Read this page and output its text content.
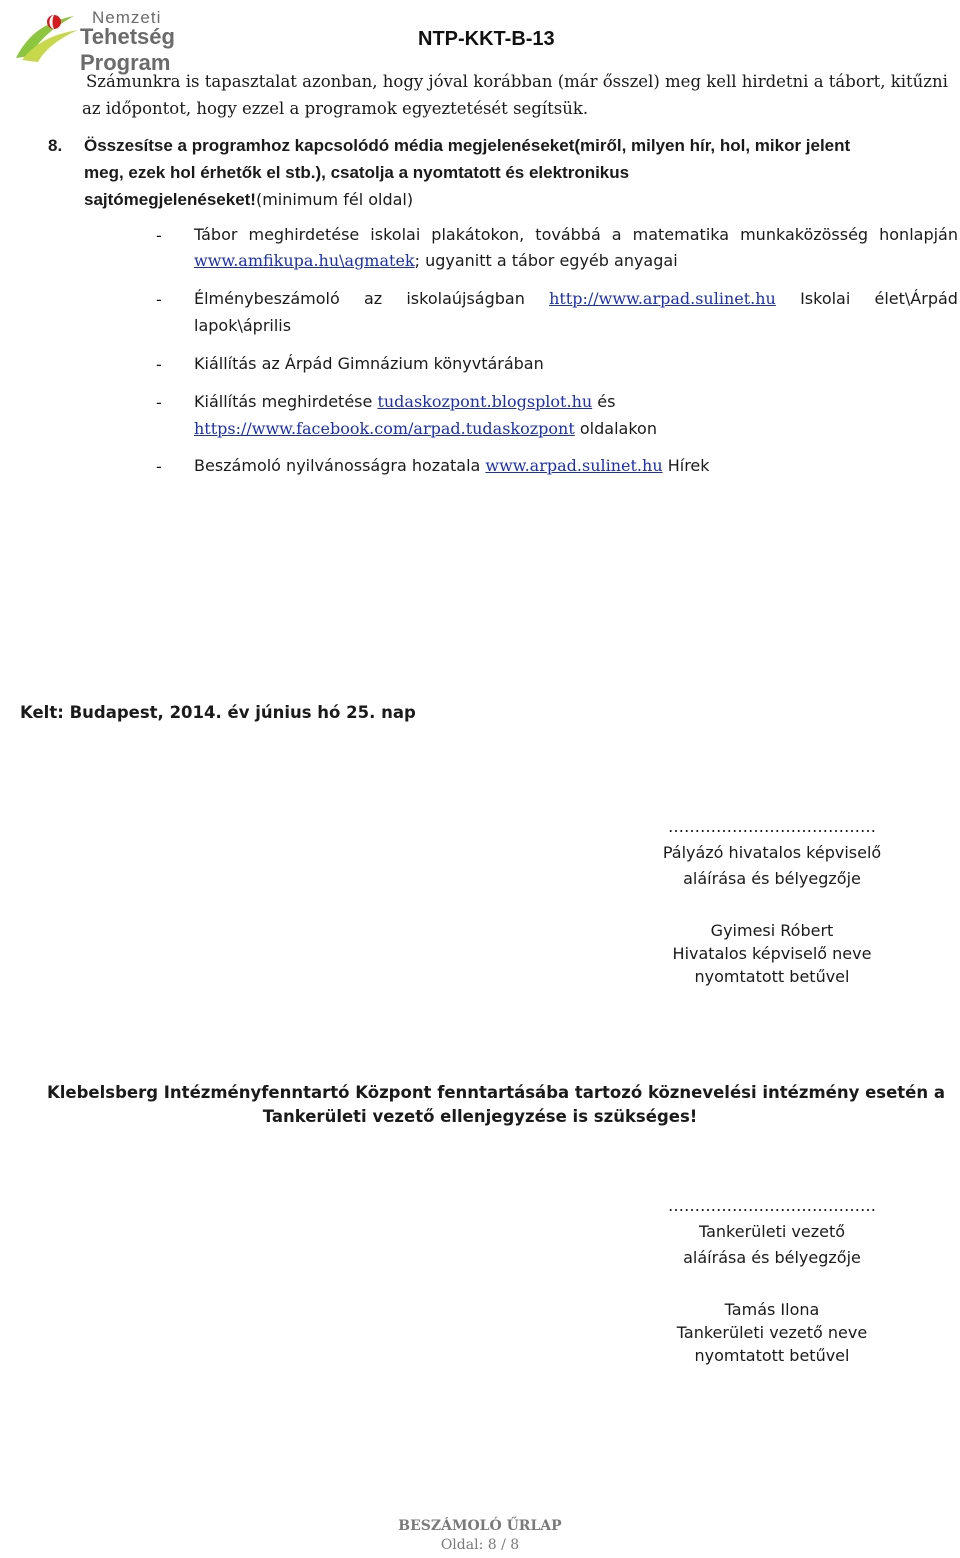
Nemzeti
Tehetség Program
NTP-KKT-B-13
Számunkra is tapasztalat azonban, hogy jóval korábban (már ősszel) meg kell hirdetni a tábort, kitűzni
az időpontot, hogy ezzel a programok egyeztetését segítsük.
8. Összesítse a programhoz kapcsolódó média megjelenéseket(miről, milyen hír, hol, mikor jelent
meg, ezek hol érhetők el stb.), csatolja a nyomtatott és elektronikus
sajtómegjelenéseket!(minimum fél oldal)
- Tábor meghirdetése iskolai plakátokon, továbbá a matematika munkaközösség honlapján
www.amfikupa.hu\agmatek; ugyanitt a tábor egyéb anyagai
- Élménybeszámoló az iskolaújságban http://www.arpad.sulinet.hu Iskolai élet\Árpád
lapok\április
- Kiállítás az Árpád Gimnázium könyvtárában
- Kiállítás meghirdetése tudaskozpont.blogsplot.hu és
https://www.facebook.com/arpad.tudaskozpont oldalakon
- Beszámoló nyilvánosságra hozatala www.arpad.sulinet.hu Hírek
Kelt: Budapest, 2014. év június hó 25. nap
…………………………………
Pályázó hivatalos képviselő
aláírása és bélyegzője
Gyimesi Róbert
Hivatalos képviselő neve
nyomtatott betűvel
Klebelsberg Intézményfenntartó Központ fenntartásába tartozó köznevelési intézmény esetén a
Tankerületi vezető ellenjegyzése is szükséges!
…………………………………
Tankerületi vezető
aláírása és bélyegzője
Tamás Ilona
Tankerületi vezető neve
nyomtatott betűvel
BESZÁMOLÓ ŰRLAP
Oldal: 8 / 8
